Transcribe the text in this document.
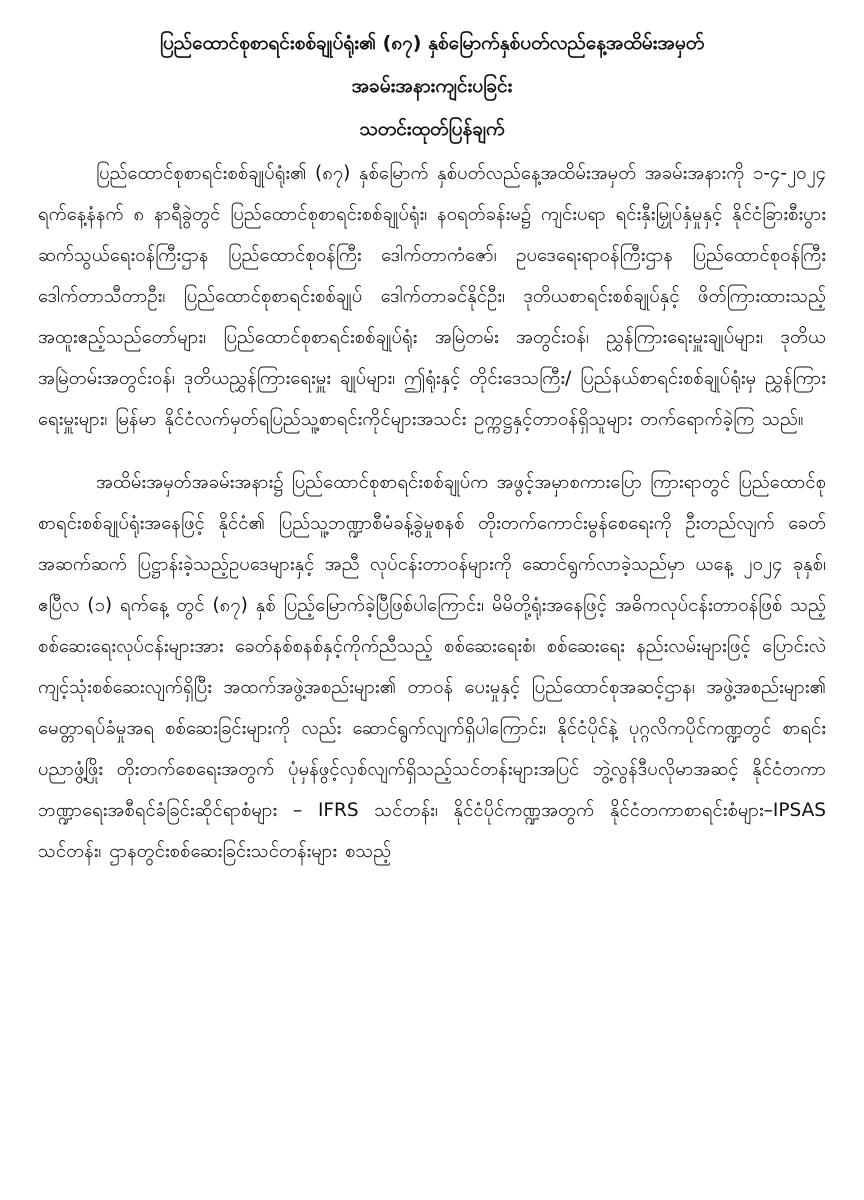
ပြည်ထောင်စုစာရင်းစစ်ချုပ်ရုံး၏ (၈၇) နှစ်မြောက်နှစ်ပတ်လည်နေ့အထိမ်းအမှတ်
အခမ်းအနားကျင်းပခြင်း
သတင်းထုတ်ပြန်ချက်

ပြည်ထောင်စုစာရင်းစစ်ချုပ်ရုံး၏ (၈၇) နှစ်မြောက် နှစ်ပတ်လည်နေ့အထိမ်းအမှတ် အခမ်းအနားကို ၁-၄-၂၀၂၄ ရက်နေ့နံနက် ၈ နာရီခွဲတွင် ပြည်ထောင်စုစာရင်းစစ်ချုပ်ရုံး၊ နဝရတ်ခန်းမ၌ ကျင်းပရာ ရင်းနှီးမြှုပ်နှံမှုနှင့် နိုင်ငံခြားစီးပွားဆက်သွယ်ရေးဝန်ကြီးဌာန ပြည်ထောင်စုဝန်ကြီး ဒေါက်တာကံဇော်၊ ဥပဒေရေးရာဝန်ကြီးဌာန ပြည်ထောင်စုဝန်ကြီး ဒေါက်တာသီတာဦး၊ ပြည်ထောင်စုစာရင်းစစ်ချုပ် ဒေါက်တာခင်နိုင်ဦး၊ ဒုတိယစာရင်းစစ်ချုပ်နှင့် ဖိတ်ကြားထားသည့် အထူးဧည့်သည်တော်များ၊ ပြည်ထောင်စုစာရင်းစစ်ချုပ်ရုံး အမြဲတမ်း အတွင်းဝန်၊ ညွှန်ကြားရေးမှူးချုပ်များ၊ ဒုတိယအမြဲတမ်းအတွင်းဝန်၊ ဒုတိယညွှန်ကြားရေးမှူး ချုပ်များ၊ ဤရုံးနှင့် တိုင်းဒေသကြီး/ ပြည်နယ်စာရင်းစစ်ချုပ်ရုံးမှ ညွှန်ကြားရေးမှူးများ၊ မြန်မာ နိုင်ငံလက်မှတ်ရပြည်သူ့စာရင်းကိုင်များအသင်း ဥက္ကဋ္ဌနှင့်တာဝန်ရှိသူများ တက်ရောက်ခဲ့ကြ သည်။

အထိမ်းအမှတ်အခမ်းအနား၌ ပြည်ထောင်စုစာရင်းစစ်ချုပ်က အဖွင့်အမှာစကားပြော ကြားရာတွင် ပြည်ထောင်စုစာရင်းစစ်ချုပ်ရုံးအနေဖြင့် နိုင်ငံ၏ ပြည်သူ့ဘဏ္ဍာစီမံခန့်ခွဲမှုစနစ် တိုးတက်ကောင်းမွန်စေရေးကို ဦးတည်လျက် ခေတ်အဆက်ဆက် ပြဋ္ဌာန်းခဲ့သည့်ဥပဒေများနှင့် အညီ လုပ်ငန်းတာဝန်များကို ဆောင်ရွက်လာခဲ့သည်မှာ ယနေ့ ၂၀၂၄ ခုနှစ်၊ ဧပြီလ (၁) ရက်နေ့ တွင် (၈၇) နှစ် ပြည့်မြောက်ခဲ့ပြီဖြစ်ပါကြောင်း၊ မိမိတို့ရုံးအနေဖြင့် အဓိကလုပ်ငန်းတာဝန်ဖြစ် သည့် စစ်ဆေးရေးလုပ်ငန်းများအား ခေတ်နစ်စနစ်နှင့်ကိုက်ညီသည့် စစ်ဆေးရေးစံ၊ စစ်ဆေးရေး နည်းလမ်းများဖြင့် ပြောင်းလဲကျင့်သုံးစစ်ဆေးလျက်ရှိပြီး အထက်အဖွဲ့အစည်းများ၏ တာဝန် ပေးမှုနှင့် ပြည်ထောင်စုအဆင့်ဌာန၊ အဖွဲ့အစည်းများ၏ မေတ္တာရပ်ခံမှုအရ စစ်ဆေးခြင်းများကို လည်း ဆောင်ရွက်လျက်ရှိပါကြောင်း၊ နိုင်ငံပိုင်နဲ့ ပုဂ္ဂလိကပိုင်ကဏ္ဍတွင် စာရင်းပညာဖွံ့ဖြိုး တိုးတက်စေရေးအတွက် ပုံမှန်ဖွင့်လှစ်လျက်ရှိသည့်သင်တန်းများအပြင် ဘွဲ့လွန်ဒီပလိုမာအဆင့် နိုင်ငံတကာဘဏ္ဍာရေးအစီရင်ခံခြင်းဆိုင်ရာစံများ – IFRS သင်တန်း၊ နိုင်ငံပိုင်ကဏ္ဍအတွက် နိုင်ငံတကာစာရင်းစံများ–IPSAS သင်တန်း၊ ဌာနတွင်းစစ်ဆေးခြင်းသင်တန်းများ စသည့်
